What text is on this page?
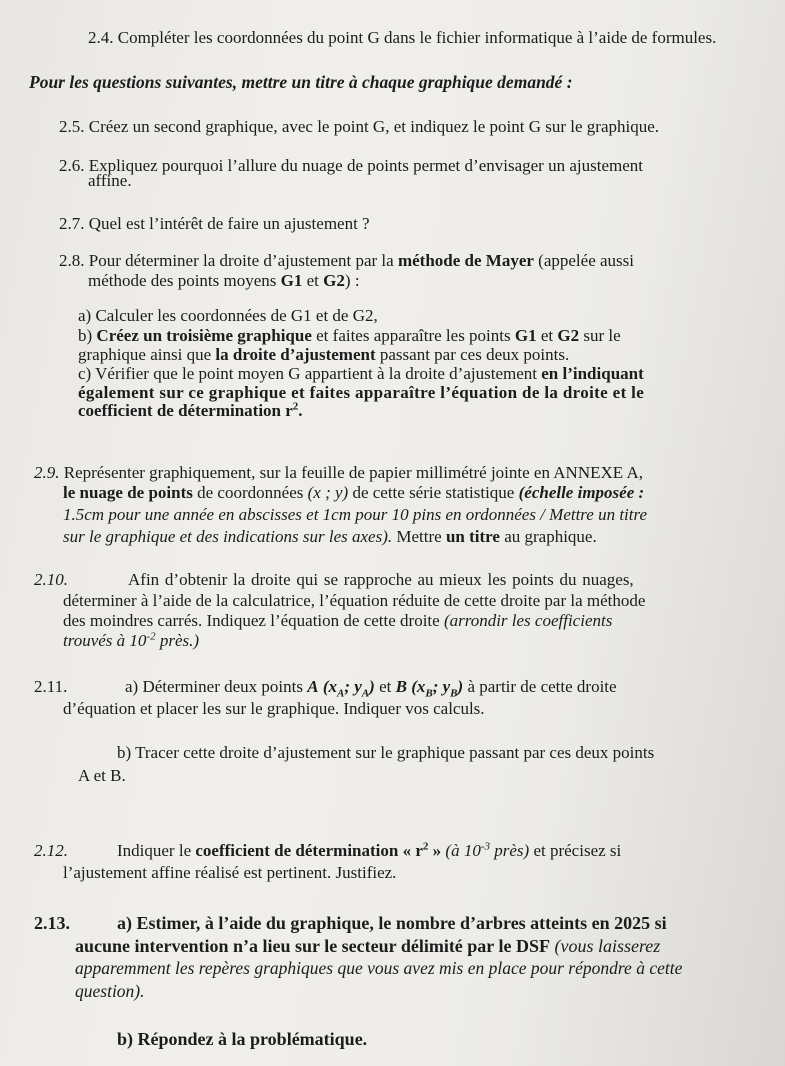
2.4. Compléter les coordonnées du point G dans le fichier informatique à l’aide de formules.
Pour les questions suivantes, mettre un titre à chaque graphique demandé :
2.5. Créez un second graphique, avec le point G, et indiquez le point G sur le graphique.
2.6. Expliquez pourquoi l’allure du nuage de points permet d’envisager un ajustement
affine.
2.7. Quel est l’intérêt de faire un ajustement ?
2.8. Pour déterminer la droite d’ajustement par la méthode de Mayer (appelée aussi
méthode des points moyens G1 et G2) :
a) Calculer les coordonnées de G1 et de G2,
b) Créez un troisième graphique et faites apparaître les points G1 et G2 sur le
graphique ainsi que la droite d’ajustement passant par ces deux points.
c) Vérifier que le point moyen G appartient à la droite d’ajustement en l’indiquant
également sur ce graphique et faites apparaître l’équation de la droite et le
coefficient de détermination $r^2$.
2.9. Représenter graphiquement, sur la feuille de papier millimétré jointe en ANNEXE A,
le nuage de points de coordonnées (x ; y) de cette série statistique (échelle imposée :
1.5cm pour une année en abscisses et 1cm pour 10 pins en ordonnées / Mettre un titre
sur le graphique et des indications sur les axes). Mettre un titre au graphique.
2.10.	Afin d’obtenir la droite qui se rapproche au mieux les points du nuages,
déterminer à l’aide de la calculatrice, l’équation réduite de cette droite par la méthode
des moindres carrés. Indiquez l’équation de cette droite (arrondir les coefficients
trouvés à $10^{-2}$ près.)
2.11.	a) Déterminer deux points A ($x_A$; $y_A$) et B ($x_B$; $y_B$) à partir de cette droite
d’équation et placer les sur le graphique. Indiquer vos calculs.
b) Tracer cette droite d’ajustement sur le graphique passant par ces deux points
A et B.
2.12.	Indiquer le coefficient de détermination « $r^2$ » (à $10^{-3}$ près) et précisez si
l’ajustement affine réalisé est pertinent. Justifiez.
2.13.	a) Estimer, à l’aide du graphique, le nombre d’arbres atteints en 2025 si
aucune intervention n’a lieu sur le secteur délimité par le DSF (vous laisserez
apparemment les repères graphiques que vous avez mis en place pour répondre à cette
question).
b) Répondez à la problématique.
